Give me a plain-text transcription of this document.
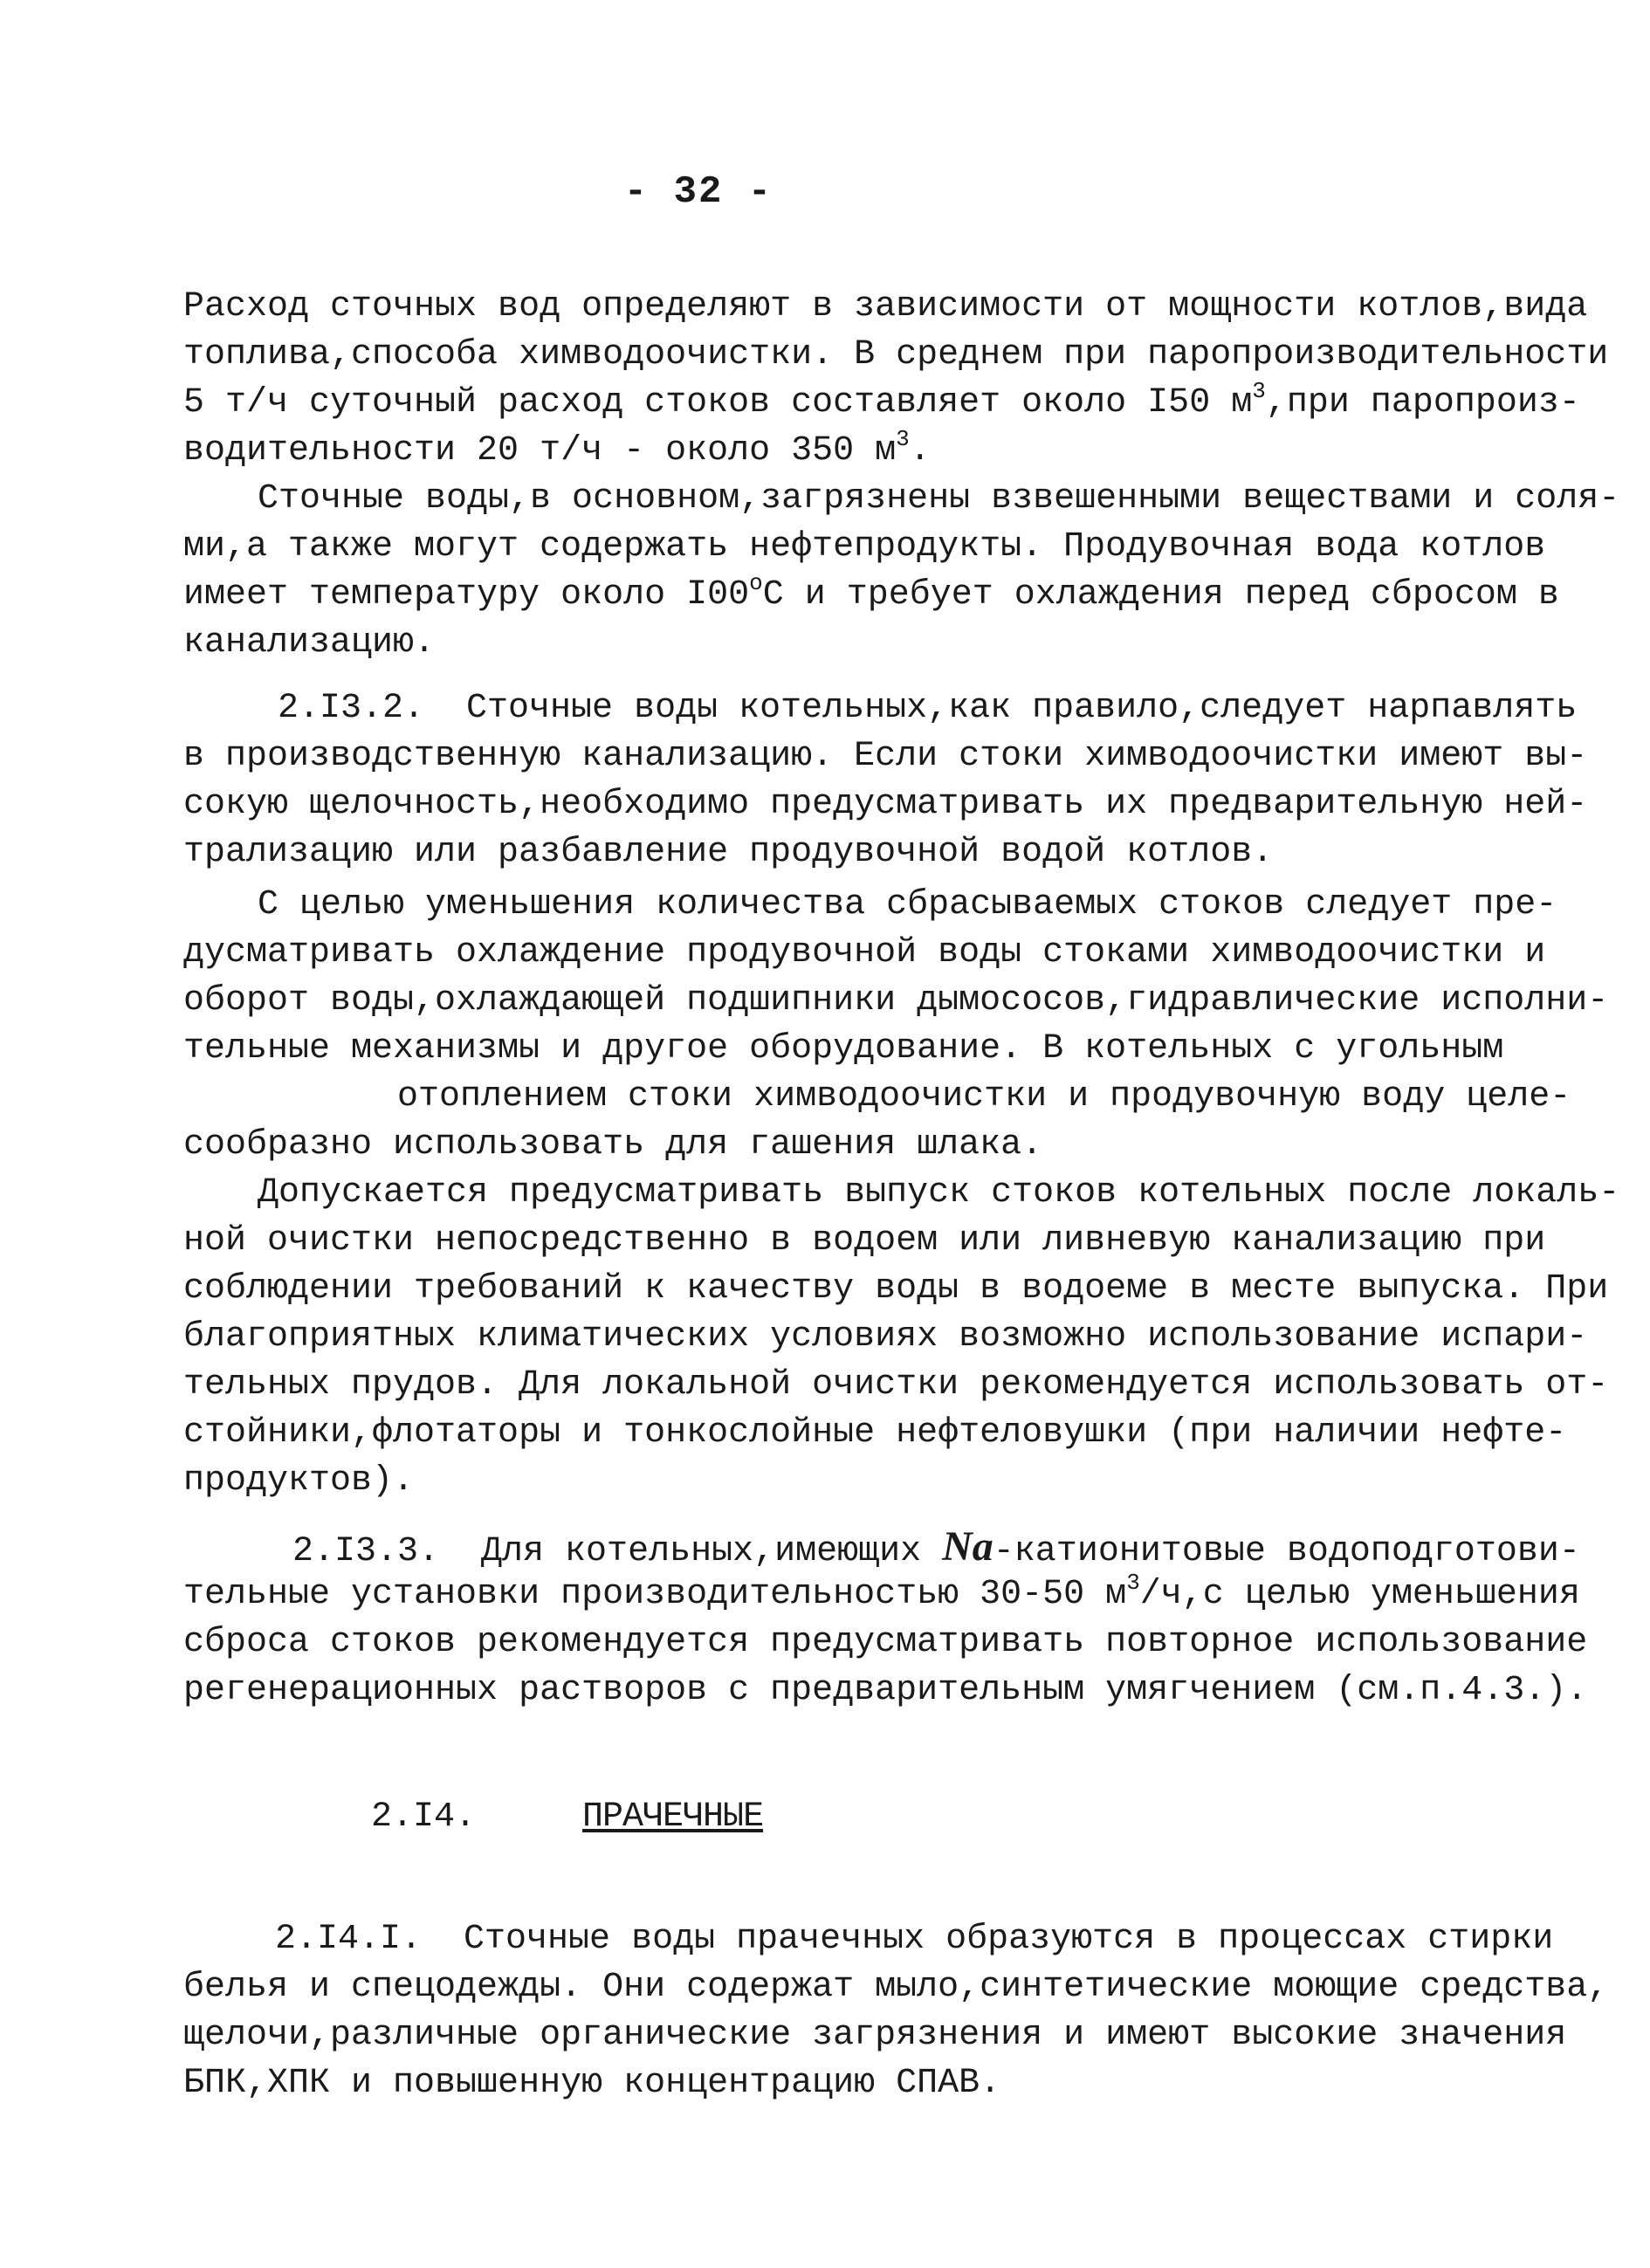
- 32 -
Расход сточных вод определяют в зависимости от мощности котлов,вида
топлива,способа химводоочистки. В среднем при паропроизводительности
5 т/ч суточный расход стоков составляет около I50 $м^3,при$ паропроиз-
водительности 20 т/ч - около 350 $м^3$.
Сточные воды,в основном,загрязнены взвешенными веществами и соля-
ми,а также могут содержать нефтепродукты. Продувочная вода котлов
имеет температуру около $I00^оС$ и требует охлаждения перед сбросом в
канализацию.
2.I3.2.  Сточные воды котельных,как правило,следует нарпавлять
в производственную канализацию. Если стоки химводоочистки имеют вы-
сокую щелочность,необходимо предусматривать их предварительную ней-
трализацию или разбавление продувочной водой котлов.
С целью уменьшения количества сбрасываемых стоков следует пре-
дусматривать охлаждение продувочной воды стоками химводоочистки и
оборот воды,охлаждающей подшипники дымососов,гидравлические исполни-
тельные механизмы и другое оборудование. В котельных с угольным
отоплением стоки химводоочистки и продувочную воду целе-
сообразно использовать для гашения шлака.
Допускается предусматривать выпуск стоков котельных после локаль-
ной очистки непосредственно в водоем или ливневую канализацию при
соблюдении требований к качеству воды в водоеме в месте выпуска. При
благоприятных климатических условиях возможно использование испари-
тельных прудов. Для локальной очистки рекомендуется использовать от-
стойники,флотаторы и тонкослойные нефтеловушки (при наличии нефте-
продуктов).
2.I3.3.  Для котельных,имеющих Na-катионитовые водоподготови-
тельные установки производительностью 30-50 $м^3/ч,с$ целью уменьшения
сброса стоков рекомендуется предусматривать повторное использование
регенерационных растворов с предварительным умягчением (см.п.4.3.).
2.I4.	ПРАЧЕЧНЫЕ
2.I4.I.  Сточные воды прачечных образуются в процессах стирки
белья и спецодежды. Они содержат мыло,синтетические моющие средства,
щелочи,различные органические загрязнения и имеют высокие значения
БПК,ХПК и повышенную концентрацию СПАВ.
